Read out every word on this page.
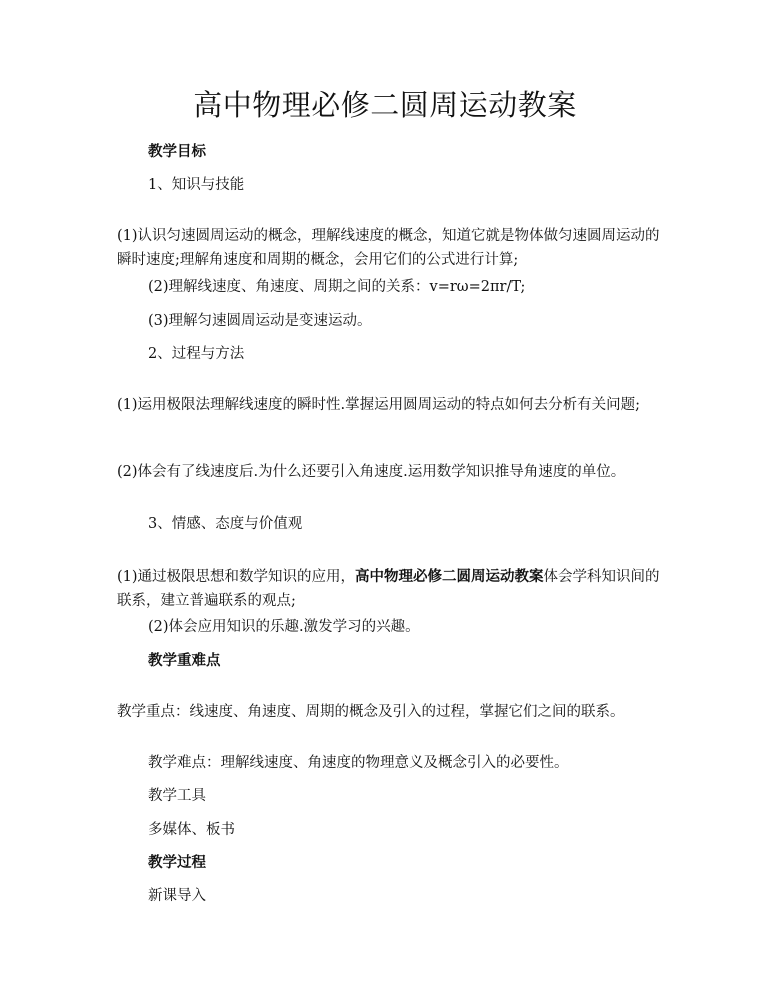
高中物理必修二圆周运动教案
教学目标
1、知识与技能
(1)认识匀速圆周运动的概念，理解线速度的概念，知道它就是物体做匀速圆周运动的瞬时速度;理解角速度和周期的概念，会用它们的公式进行计算;
(2)理解线速度、角速度、周期之间的关系：v=rω=2πr/T;
(3)理解匀速圆周运动是变速运动。
2、过程与方法
(1)运用极限法理解线速度的瞬时性.掌握运用圆周运动的特点如何去分析有关问题;
(2)体会有了线速度后.为什么还要引入角速度.运用数学知识推导角速度的单位。
3、情感、态度与价值观
(1)通过极限思想和数学知识的应用，高中物理必修二圆周运动教案体会学科知识间的联系，建立普遍联系的观点;
(2)体会应用知识的乐趣.激发学习的兴趣。
教学重难点
教学重点：线速度、角速度、周期的概念及引入的过程，掌握它们之间的联系。
教学难点：理解线速度、角速度的物理意义及概念引入的必要性。
教学工具
多媒体、板书
教学过程
新课导入
